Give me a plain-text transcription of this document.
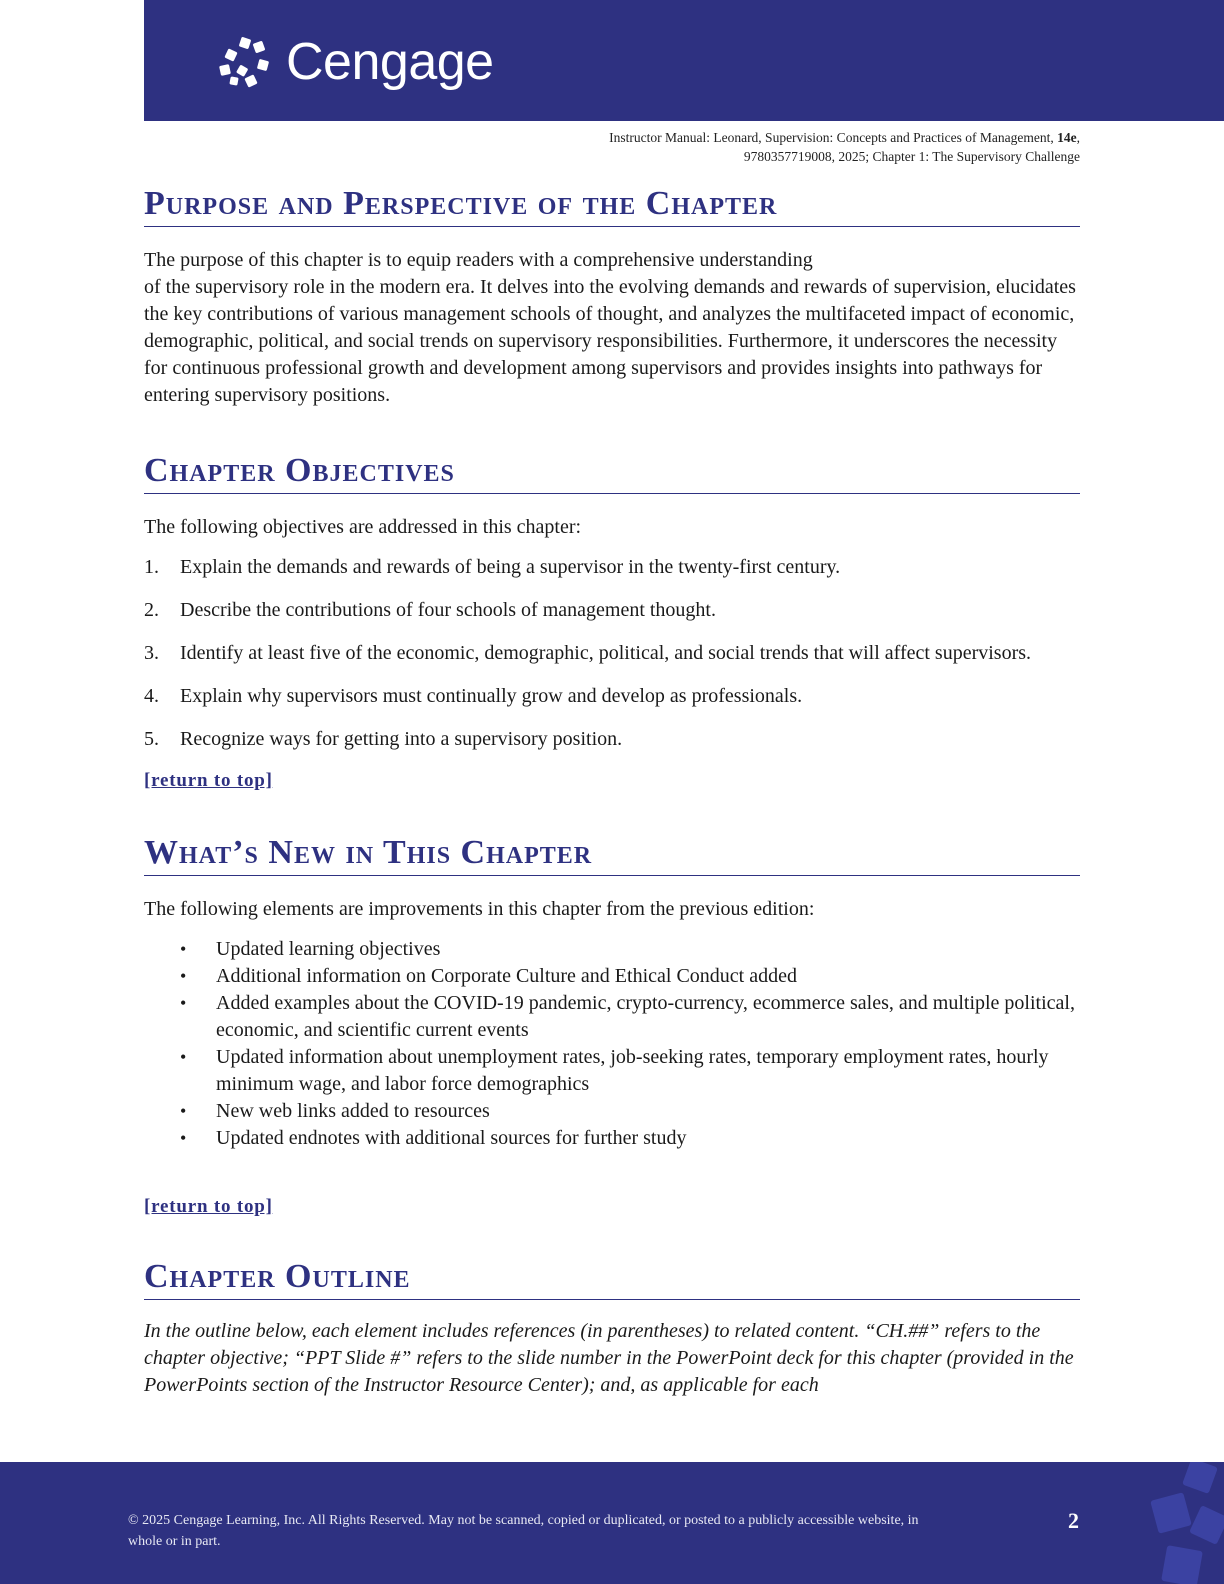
Cengage
Instructor Manual: Leonard, Supervision: Concepts and Practices of Management, 14e,
9780357719008, 2025; Chapter 1: The Supervisory Challenge
Purpose and Perspective of the Chapter

The purpose of this chapter is to equip readers with a comprehensive understanding
of the supervisory role in the modern era. It delves into the evolving demands and rewards of supervision, elucidates the key contributions of various management schools of thought, and analyzes the multifaceted impact of economic, demographic, political, and social trends on supervisory responsibilities. Furthermore, it underscores the necessity for continuous professional growth and development among supervisors and provides insights into pathways for entering supervisory positions.

Chapter Objectives

The following objectives are addressed in this chapter:

1. Explain the demands and rewards of being a supervisor in the twenty-first century.
2. Describe the contributions of four schools of management thought.
3. Identify at least five of the economic, demographic, political, and social trends that will affect supervisors.
4. Explain why supervisors must continually grow and develop as professionals.
5. Recognize ways for getting into a supervisory position.
[return to top]
What’s New in This Chapter

The following elements are improvements in this chapter from the previous edition:

• Updated learning objectives
• Additional information on Corporate Culture and Ethical Conduct added
• Added examples about the COVID-19 pandemic, crypto-currency, ecommerce sales, and multiple political, economic, and scientific current events
• Updated information about unemployment rates, job-seeking rates, temporary employment rates, hourly minimum wage, and labor force demographics
• New web links added to resources
• Updated endnotes with additional sources for further study
[return to top]
Chapter Outline

In the outline below, each element includes references (in parentheses) to related content. “CH.##” refers to the chapter objective; “PPT Slide #” refers to the slide number in the PowerPoint deck for this chapter (provided in the PowerPoints section of the Instructor Resource Center); and, as applicable for each

© 2025 Cengage Learning, Inc. All Rights Reserved. May not be scanned, copied or duplicated, or posted to a publicly accessible website, in whole or in part.
2
